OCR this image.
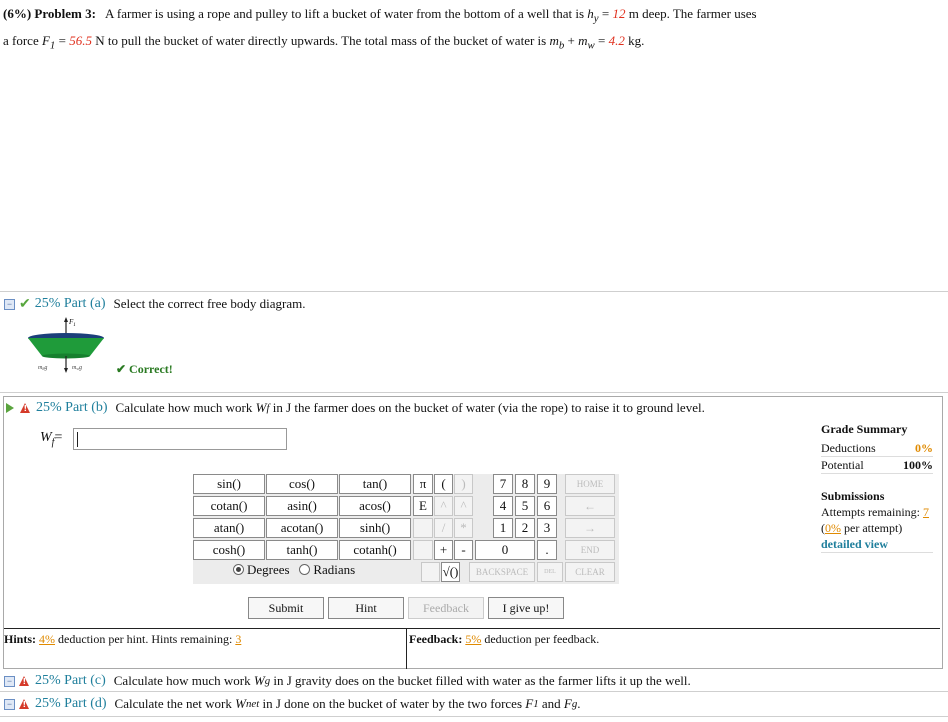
(6%) Problem 3: A farmer is using a rope and pulley to lift a bucket of water from the bottom of a well that is $h_y = 12$ m deep. The farmer uses
a force $F_1 = 56.5$ N to pull the bucket of water directly upwards. The total mass of the bucket of water is $m_b + m_w = 4.2$ kg.
− ✔ 25% Part (a) Select the correct free body diagram.
$F_1$
mbg	mwg	✔ Correct!
!
25% Part (b) Calculate how much work
W f
in J the farmer does on the bucket of water (via the rope) to raise it to ground level.
$W_f=$
Grade Summary
Deductions	0%
Potential	100%
Submissions
Attempts remaining: 7
(0% per attempt)
detailed view
sin()	cos()	tan()
cotan()	asin()	acos()
atan()	acotan()	sinh()
cosh()	tanh()	cotanh()
Degrees Radians
π	(	)
E	^	^
/	*
+	-
√()
7	8	9
4	5	6
1	2	3
0	.
HOME
←
→
END
BACKSPACE	DEL	CLEAR
Submit	Hint	Feedback	I give up!
Hints: 4% deduction per hint. Hints remaining: 3	Feedback: 5% deduction per feedback.
− ! 25% Part (c) Calculate how much work
W g
in J gravity does on the bucket filled with water as the farmer lifts it up the well.
− ! 25% Part (d) Calculate the net work
W net
in J done on the bucket of water by the two forces
F 1
and
F g .
